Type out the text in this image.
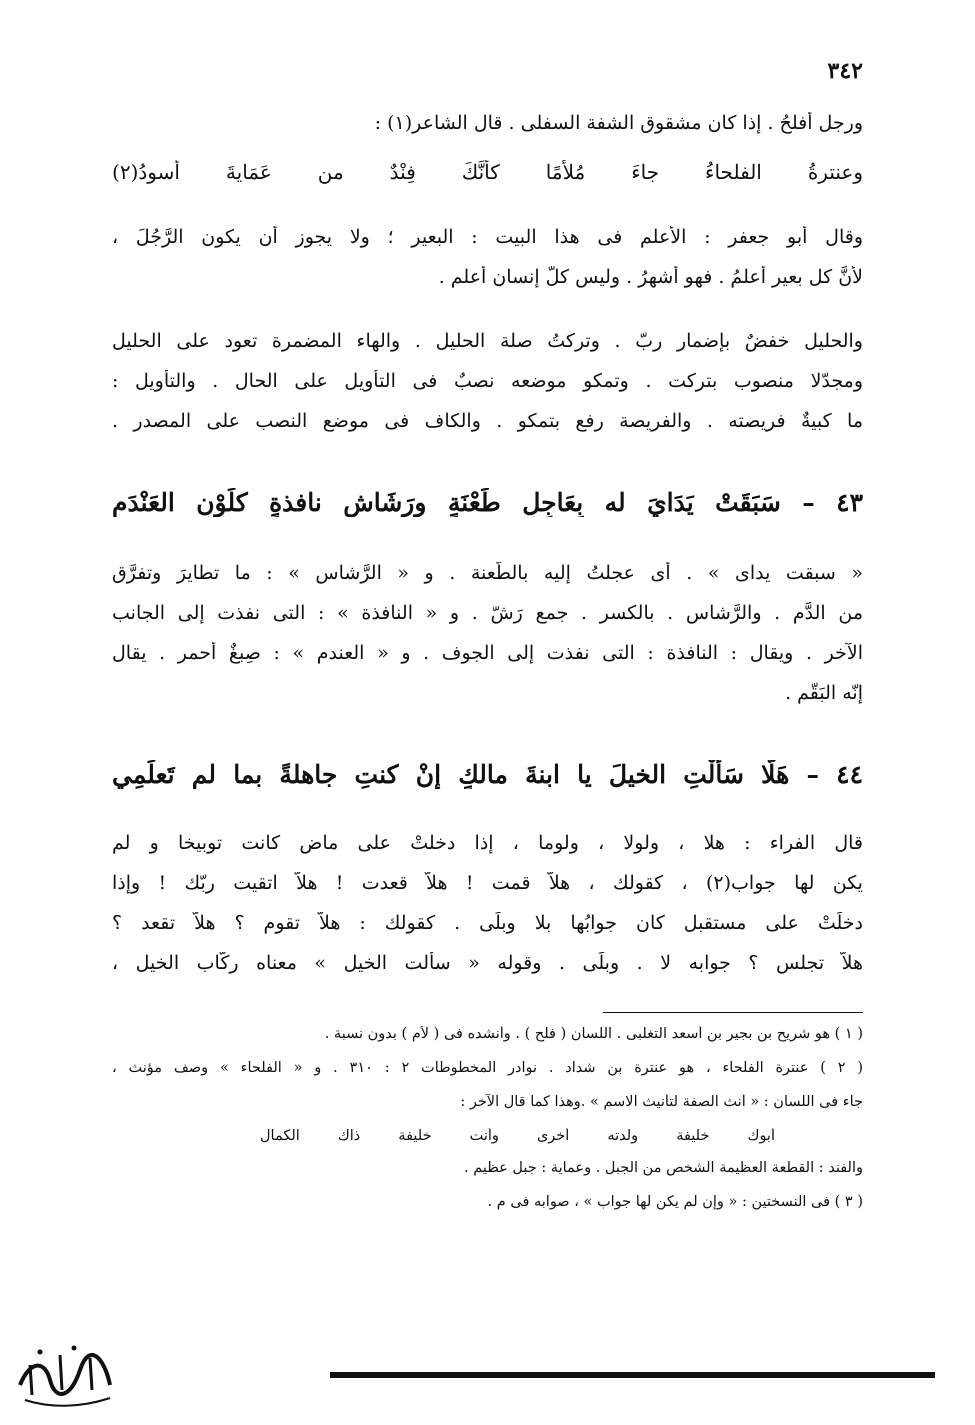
٣٤٢
ورجل أفلحُ . إذا كان مشقوق الشفة السفلى . قال الشاعر(١) :
وعنترةُ الفلحاءُ جاءَ مُلأَّمًا كأنَّكَ فِنْدٌ من عَمَايةَ أسودُ(٢)
وقال أبو جعفر : الأعلم فى هذا البيت : البعير ؛ ولا يجوز أن يكون الرَّجُلَ ،
لأنَّ كل بعير أعلمُ . فهو أشهرُ . وليس كلُّ إنسان أعلم .
والحليل خفضٌ بإضمار ربّ . وتركتُ صلة الحليل . والهاء المضمرة تعود على الحليل
ومجدّلا منصوب بتركت . وتمكو موضعه نصبٌ فى التأويل على الحال . والتأويل :
ما كبيةٌ فريصته . والفريصة رفع بتمكو . والكاف فى موضع النصب على المصدر .
٤٣ – سَبَقَتْ يَدَايَ له بِعَاجِلِ طَعْنَةٍ ورَشَاشِ نافذةٍ كلَوْنِ العَنْدَمِ
« سبقت يداى » . أى عجلتُ إليه بالطّعنة . و « الرَّشاس » : ما تطايرَ وتفرَّق
من الدَّم . والرَّشاس . بالكسر . جمع رَشّ . و « النافذة » : التى نفذت إلى الجانب
الآخر . ويقال : النافذة : التى نفذت إلى الجوف . و « العندم » : صِبغٌ أحمر . يقال
إنّه البَقَّم .
٤٤ – هَلَّا سَأَلْتِ الخيلَ يا ابنةَ مالكٍ إنْ كنتِ جاهلةً بما لم تَعلَمِي
قال الفراء : هلا ، ولولا ، ولوما ، إذا دخلتْ على ماض كانت توبيخا و لم
يكن لها جواب(٢) ، كقولك ، هلاّ قمت ! هلاّ قعدت ! هلاّ اتقيت ربّك ! وإذا
دخلَتْ على مستقبل كان جوابُها بلا وبلَى . كقولك : هلاّ تقوم ؟ هلاّ تقعد ؟
هلاّ تجلس ؟ جوابه لا . وبلَى . وقوله « سألت الخيل » معناه ركّاب الخيل ،
( ١ ) هو شريح بن بجير بن أسعد التغلبى . اللسان ( فلح ) . وأنشده فى ( لأم ) بدون نسبة .
( ٢ ) عنترة الفلحاء ، هو عنترة بن شداد . نوادر المخطوطات ٢ : ٣١٠ . و « الفلحاء » وصف مؤنث ،
جاء فى اللسان : « أنث الصفة لتأنيث الاسم » .وهذا كما قال الآخر :
أبوك خليفة ولدته أخرى وأنت خليفة ذاك الكمال
والفند : القطعة العظيمة الشخص من الجبل . وعماية : جبل عظيم .
( ٣ ) فى النسختين : « وإن لم يكن لها جواب » ، صوابه فى م .
